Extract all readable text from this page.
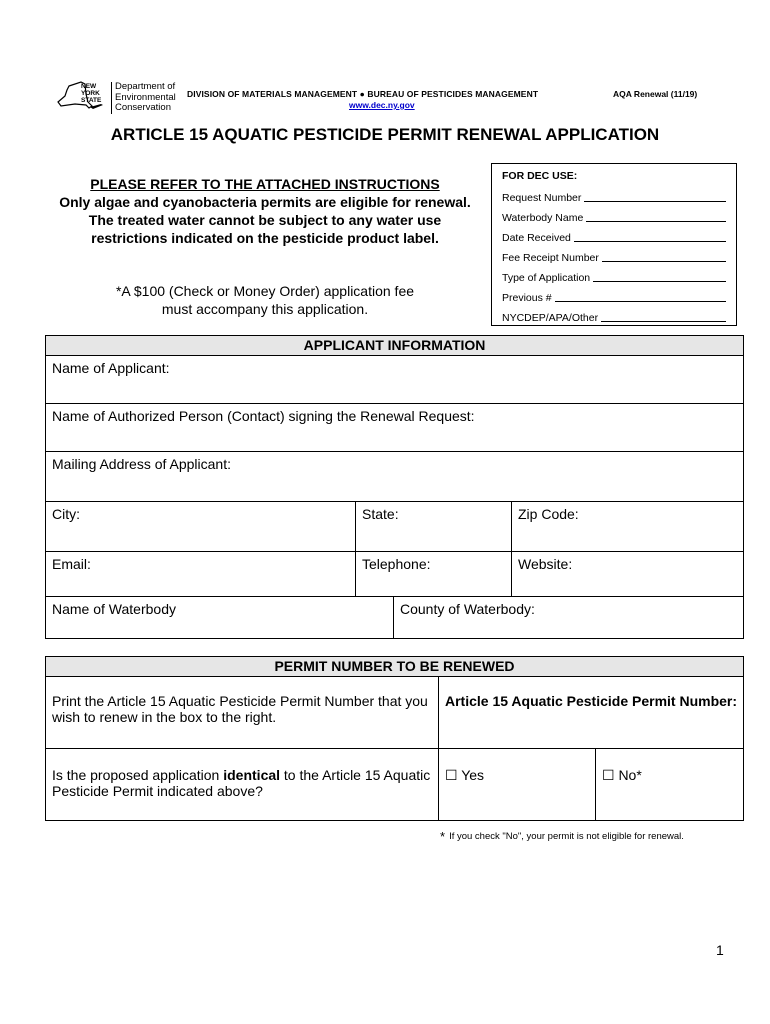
NEW
YORK
STATE
Department of
Environmental
Conservation
DIVISION OF MATERIALS MANAGEMENT ● BUREAU OF PESTICIDES MANAGEMENT
www.dec.ny.gov
AQA Renewal (11/19)
ARTICLE 15 AQUATIC PESTICIDE PERMIT RENEWAL APPLICATION
PLEASE REFER TO THE ATTACHED INSTRUCTIONS
Only algae and cyanobacteria permits are eligible for renewal. The treated water cannot be subject to any water use restrictions indicated on the pesticide product label.
*A $100 (Check or Money Order) application fee
must accompany this application.
FOR DEC USE:
Request Number
Waterbody Name
Date Received
Fee Receipt Number
Type of Application
Previous #
NYCDEP/APA/Other
APPLICANT INFORMATION			
Name of Applicant:			
Name of Authorized Person (Contact) signing the Renewal Request:			
Mailing Address of Applicant:			
City:	State:		Zip Code:
Email:	Telephone:		Website:
Name of Waterbody		County of Waterbody:	
PERMIT NUMBER TO BE RENEWED		
Print the Article 15 Aquatic Pesticide Permit Number that you wish to renew in the box to the right.	Article 15 Aquatic Pesticide Permit Number:	
Is the proposed application identical to the Article 15 Aquatic Pesticide Permit indicated above?	☐ Yes	☐ No*
* If you check "No", your permit is not eligible for renewal.
1
